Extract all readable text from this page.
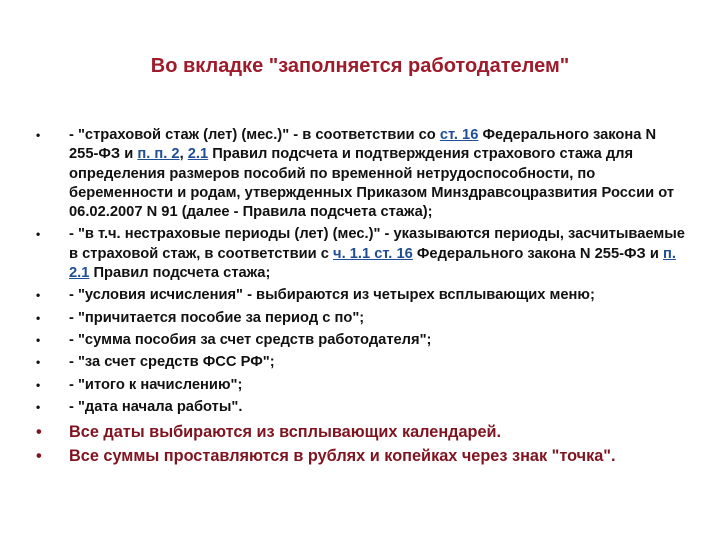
Во вкладке "заполняется работодателем"
• - "страховой стаж (лет) (мес.)" - в соответствии со ст. 16 Федерального закона N 255-ФЗ и п. п. 2, 2.1 Правил подсчета и подтверждения страхового стажа для определения размеров пособий по временной нетрудоспособности, по беременности и родам, утвержденных Приказом Минздравсоцразвития России от 06.02.2007 N 91 (далее - Правила подсчета стажа);
• - "в т.ч. нестраховые периоды (лет) (мес.)" - указываются периоды, засчитываемые в страховой стаж, в соответствии с ч. 1.1 ст. 16 Федерального закона N 255-ФЗ и п. 2.1 Правил подсчета стажа;
• - "условия исчисления" - выбираются из четырех всплывающих меню;
• - "причитается пособие за период с по";
• - "сумма пособия за счет средств работодателя";
• - "за счет средств ФСС РФ";
• - "итого к начислению";
• - "дата начала работы".
• Все даты выбираются из всплывающих календарей.
• Все суммы проставляются в рублях и копейках через знак "точка".
